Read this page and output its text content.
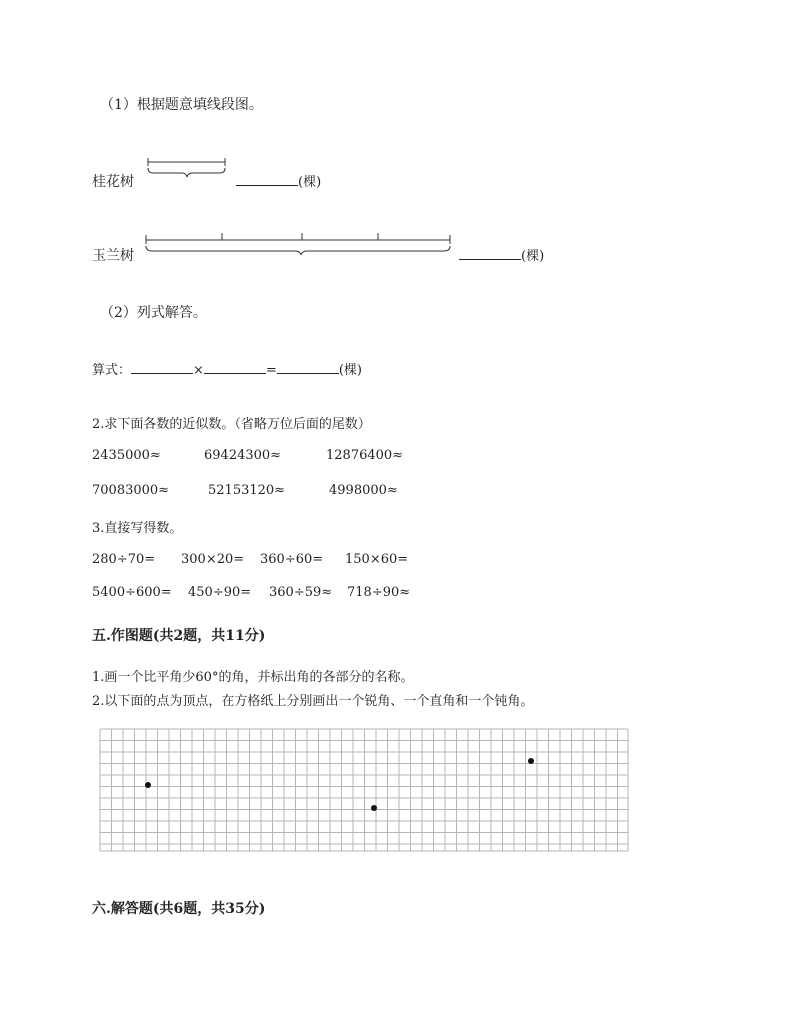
（1）根据题意填线段图。
桂花树	(棵)
玉兰树	(棵)
（2）列式解答。
算式：	×	=	(棵)
2.求下面各数的近似数。（省略万位后面的尾数）
2435000≈	69424300≈	12876400≈
70083000≈	52153120≈	4998000≈
3.直接写得数。
280÷70= 300×20= 360÷60= 150×60=
5400÷600= 450÷90= 360÷59≈ 718÷90≈
五.作图题(共2题，共11分)
1.画一个比平角少60°的角，并标出角的各部分的名称。
2.以下面的点为顶点，在方格纸上分别画出一个锐角、一个直角和一个钝角。
六.解答题(共6题，共35分)
